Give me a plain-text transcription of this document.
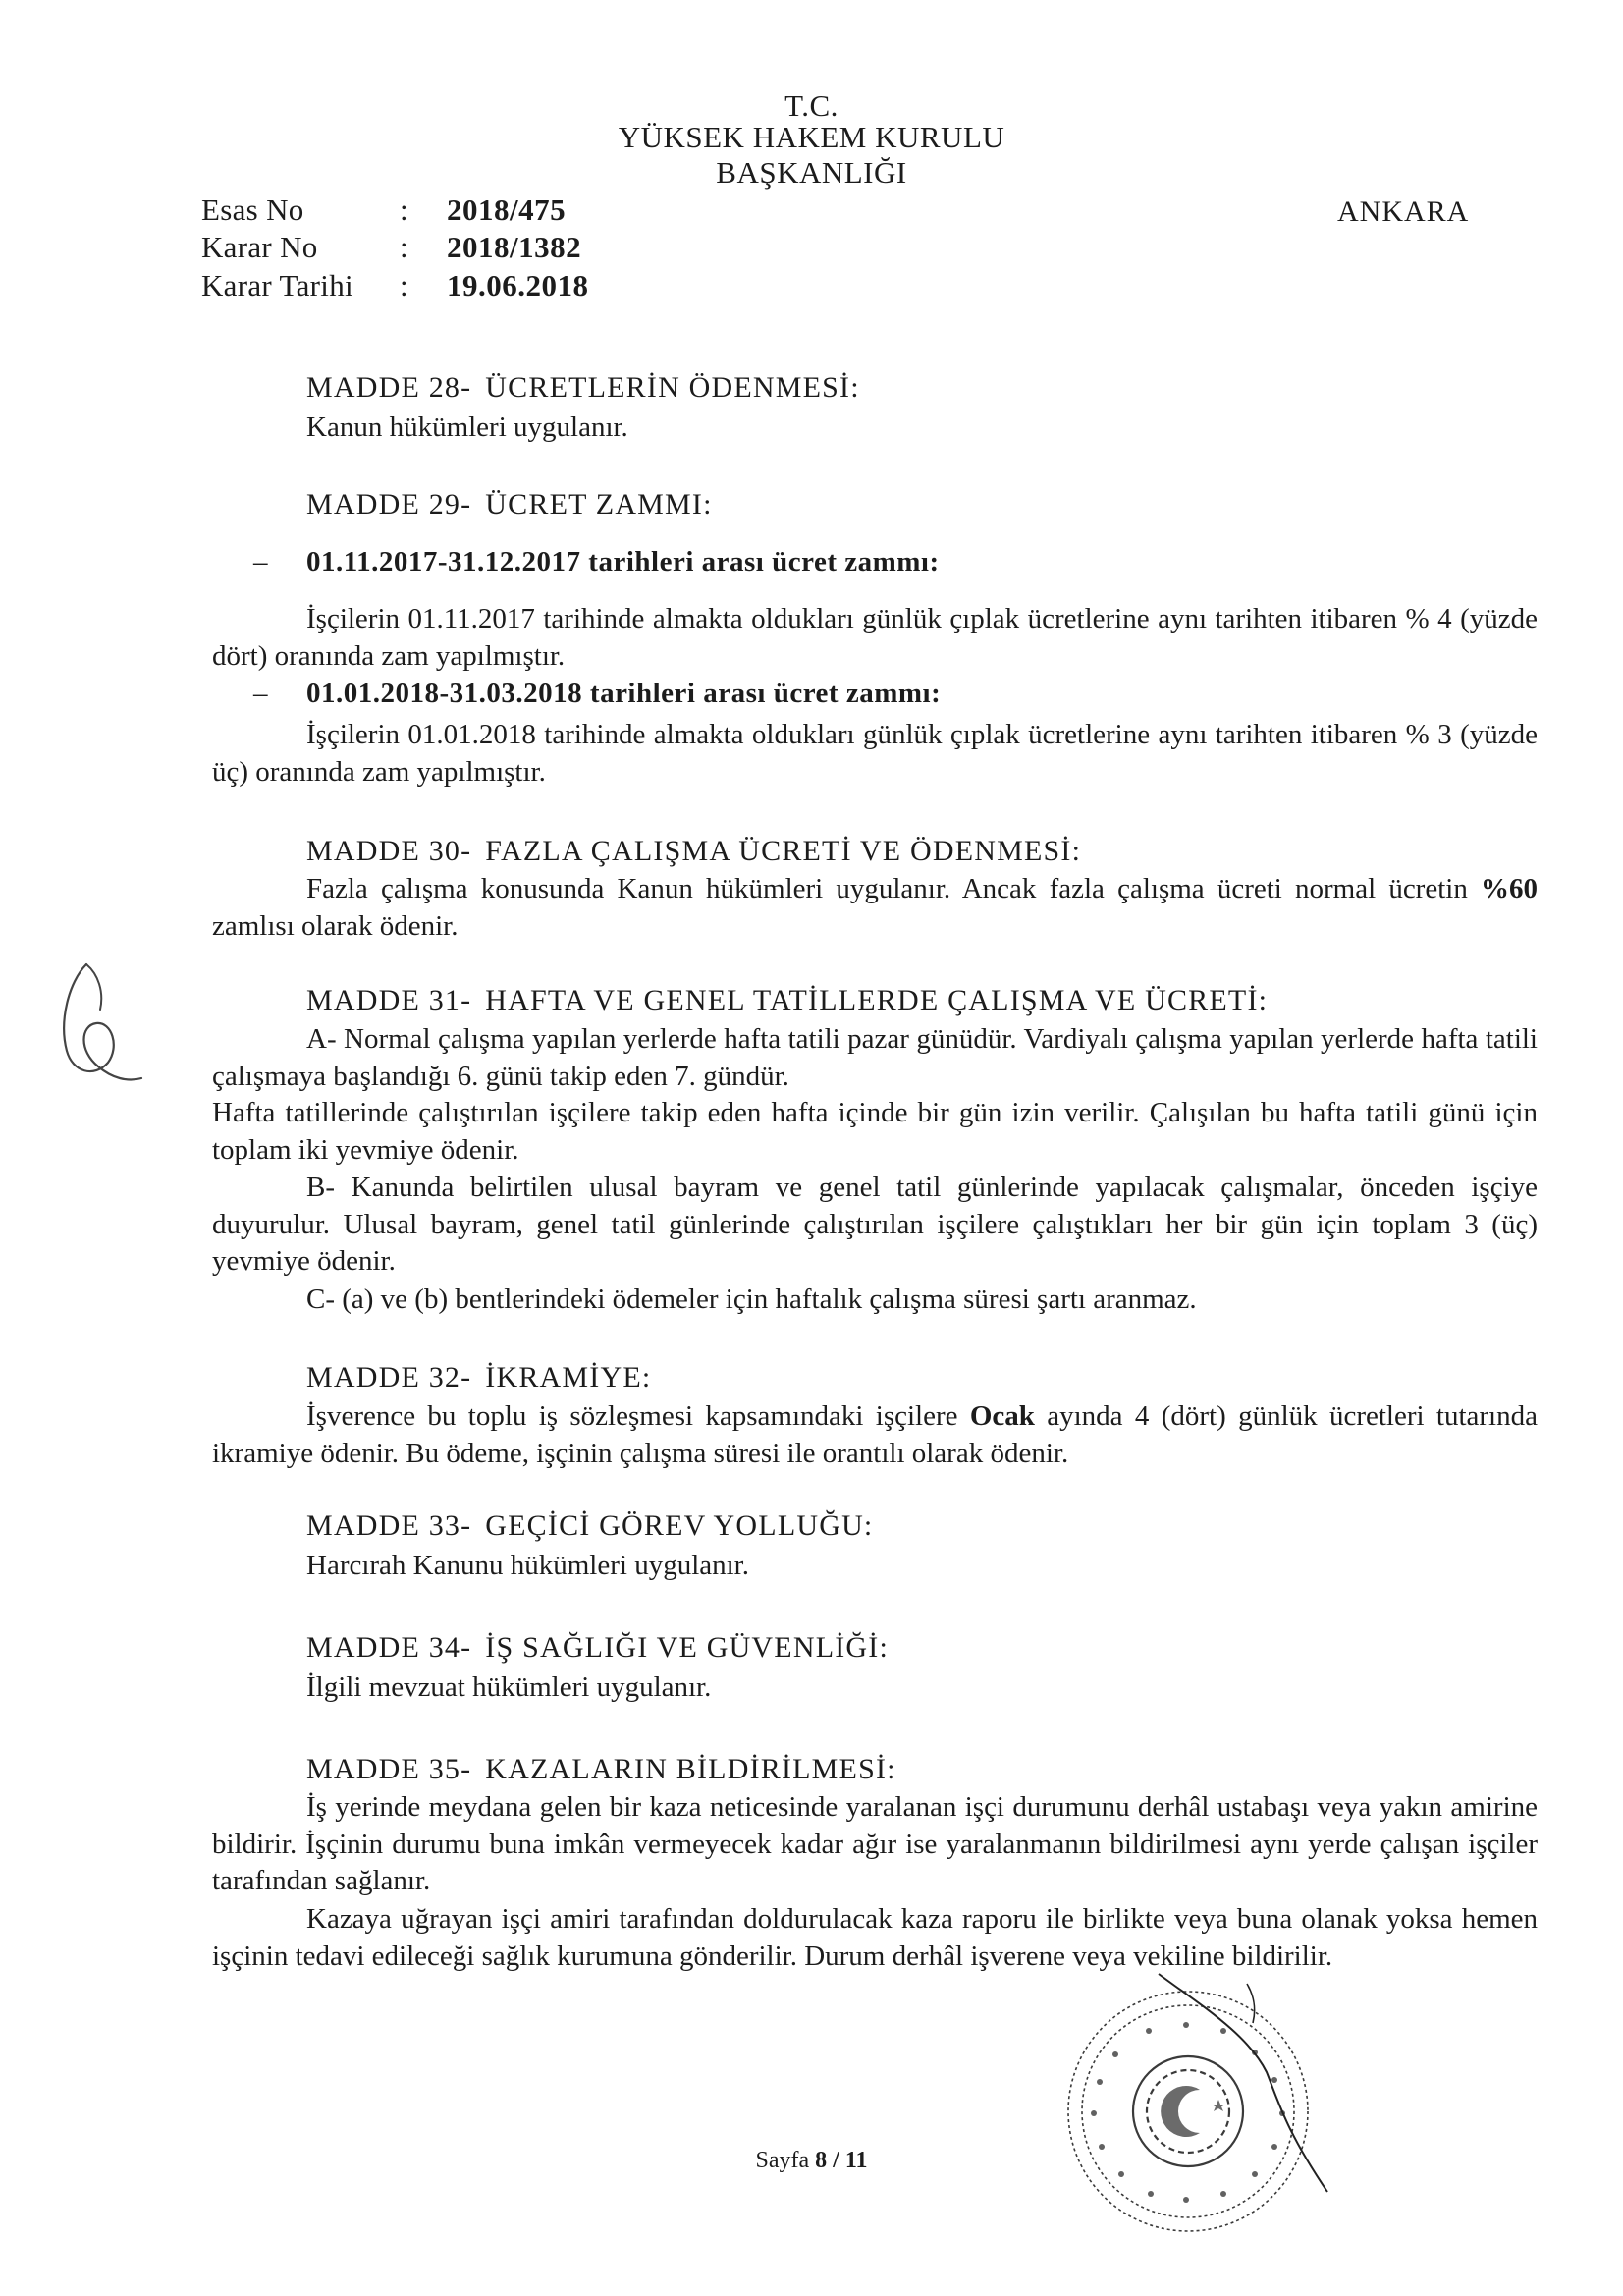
T.C.
YÜKSEK HAKEM KURULU
BAŞKANLIĞI
ANKARA
Esas No	: 2018/475
Karar No	: 2018/1382
Karar Tarihi : 19.06.2018
MADDE 28- ÜCRETLERİN ÖDENMESİ:
Kanun hükümleri uygulanır.
MADDE 29- ÜCRET ZAMMI:
– 01.11.2017-31.12.2017 tarihleri arası ücret zammı:
İşçilerin 01.11.2017 tarihinde almakta oldukları günlük çıplak ücretlerine aynı tarihten itibaren % 4 (yüzde dört) oranında zam yapılmıştır.
– 01.01.2018-31.03.2018 tarihleri arası ücret zammı:
İşçilerin 01.01.2018 tarihinde almakta oldukları günlük çıplak ücretlerine aynı tarihten itibaren % 3 (yüzde üç) oranında zam yapılmıştır.
MADDE 30- FAZLA ÇALIŞMA ÜCRETİ VE ÖDENMESİ:
Fazla çalışma konusunda Kanun hükümleri uygulanır. Ancak fazla çalışma ücreti normal ücretin %60 zamlısı olarak ödenir.
MADDE 31- HAFTA VE GENEL TATİLLERDE ÇALIŞMA VE ÜCRETİ:
A- Normal çalışma yapılan yerlerde hafta tatili pazar günüdür. Vardiyalı çalışma yapılan yerlerde hafta tatili çalışmaya başlandığı 6. günü takip eden 7. gündür.
Hafta tatillerinde çalıştırılan işçilere takip eden hafta içinde bir gün izin verilir. Çalışılan bu hafta tatili günü için toplam iki yevmiye ödenir.
B- Kanunda belirtilen ulusal bayram ve genel tatil günlerinde yapılacak çalışmalar, önceden işçiye duyurulur. Ulusal bayram, genel tatil günlerinde çalıştırılan işçilere çalıştıkları her bir gün için toplam 3 (üç) yevmiye ödenir.
C- (a) ve (b) bentlerindeki ödemeler için haftalık çalışma süresi şartı aranmaz.
MADDE 32- İKRAMİYE:
İşverence bu toplu iş sözleşmesi kapsamındaki işçilere Ocak ayında 4 (dört) günlük ücretleri tutarında ikramiye ödenir. Bu ödeme, işçinin çalışma süresi ile orantılı olarak ödenir.
MADDE 33- GEÇİCİ GÖREV YOLLUĞU:
Harcırah Kanunu hükümleri uygulanır.
MADDE 34- İŞ SAĞLIĞI VE GÜVENLİĞİ:
İlgili mevzuat hükümleri uygulanır.
MADDE 35- KAZALARIN BİLDİRİLMESİ:
İş yerinde meydana gelen bir kaza neticesinde yaralanan işçi durumunu derhâl ustabaşı veya yakın amirine bildirir. İşçinin durumu buna imkân vermeyecek kadar ağır ise yaralanmanın bildirilmesi aynı yerde çalışan işçiler tarafından sağlanır.
Kazaya uğrayan işçi amiri tarafından doldurulacak kaza raporu ile birlikte veya buna olanak yoksa hemen işçinin tedavi edileceği sağlık kurumuna gönderilir. Durum derhâl işverene veya vekiline bildirilir.
Sayfa 8 / 11
